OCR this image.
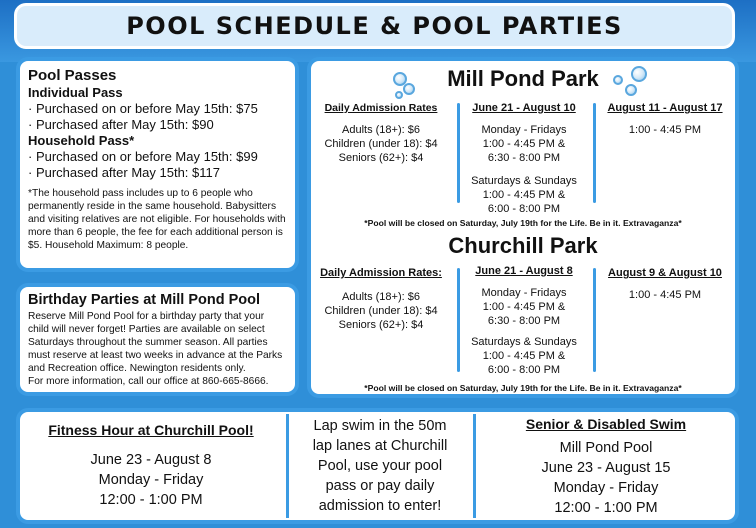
POOL SCHEDULE & POOL PARTIES
Pool Passes
Individual Pass
· Purchased on or before May 15th: $75
· Purchased after May 15th: $90
Household Pass*
· Purchased on or before May 15th: $99
· Purchased after May 15th: $117
*The household pass includes up to 6 people who permanently reside in the same household. Babysitters and visiting relatives are not eligible. For households with more than 6 people, the fee for each additional person is $5. Household Maximum: 8 people.
Birthday Parties at Mill Pond Pool
Reserve Mill Pond Pool for a birthday party that your child will never forget! Parties are available on select Saturdays throughout the summer season. All parties must reserve at least two weeks in advance at the Parks and Recreation office. Newington residents only.
For more information, call our office at 860-665-8666.
Mill Pond Park
Daily Admission Rates
Adults (18+): $6
Children (under 18): $4
Seniors (62+): $4
June 21 - August 10
Monday - Fridays
1:00 - 4:45 PM &
6:30 - 8:00 PM
Saturdays & Sundays
1:00 - 4:45 PM &
6:00 - 8:00 PM
August 11 - August 17
1:00 - 4:45 PM
*Pool will be closed on Saturday, July 19th for the Life. Be in it. Extravaganza*
Churchill Park
Daily Admission Rates:
Adults (18+): $6
Children (under 18): $4
Seniors (62+): $4
June 21 - August 8
Monday - Fridays
1:00 - 4:45 PM &
6:30 - 8:00 PM
Saturdays & Sundays
1:00 - 4:45 PM &
6:00 - 8:00 PM
August 9 & August 10
1:00 - 4:45 PM
*Pool will be closed on Saturday, July 19th for the Life. Be in it. Extravaganza*
Fitness Hour at Churchill Pool!
June 23 - August 8
Monday - Friday
12:00 - 1:00 PM
Lap swim in the 50m
lap lanes at Churchill
Pool, use your pool
pass or pay daily
admission to enter!
Senior & Disabled Swim
Mill Pond Pool
June 23 - August 15
Monday - Friday
12:00 - 1:00 PM
